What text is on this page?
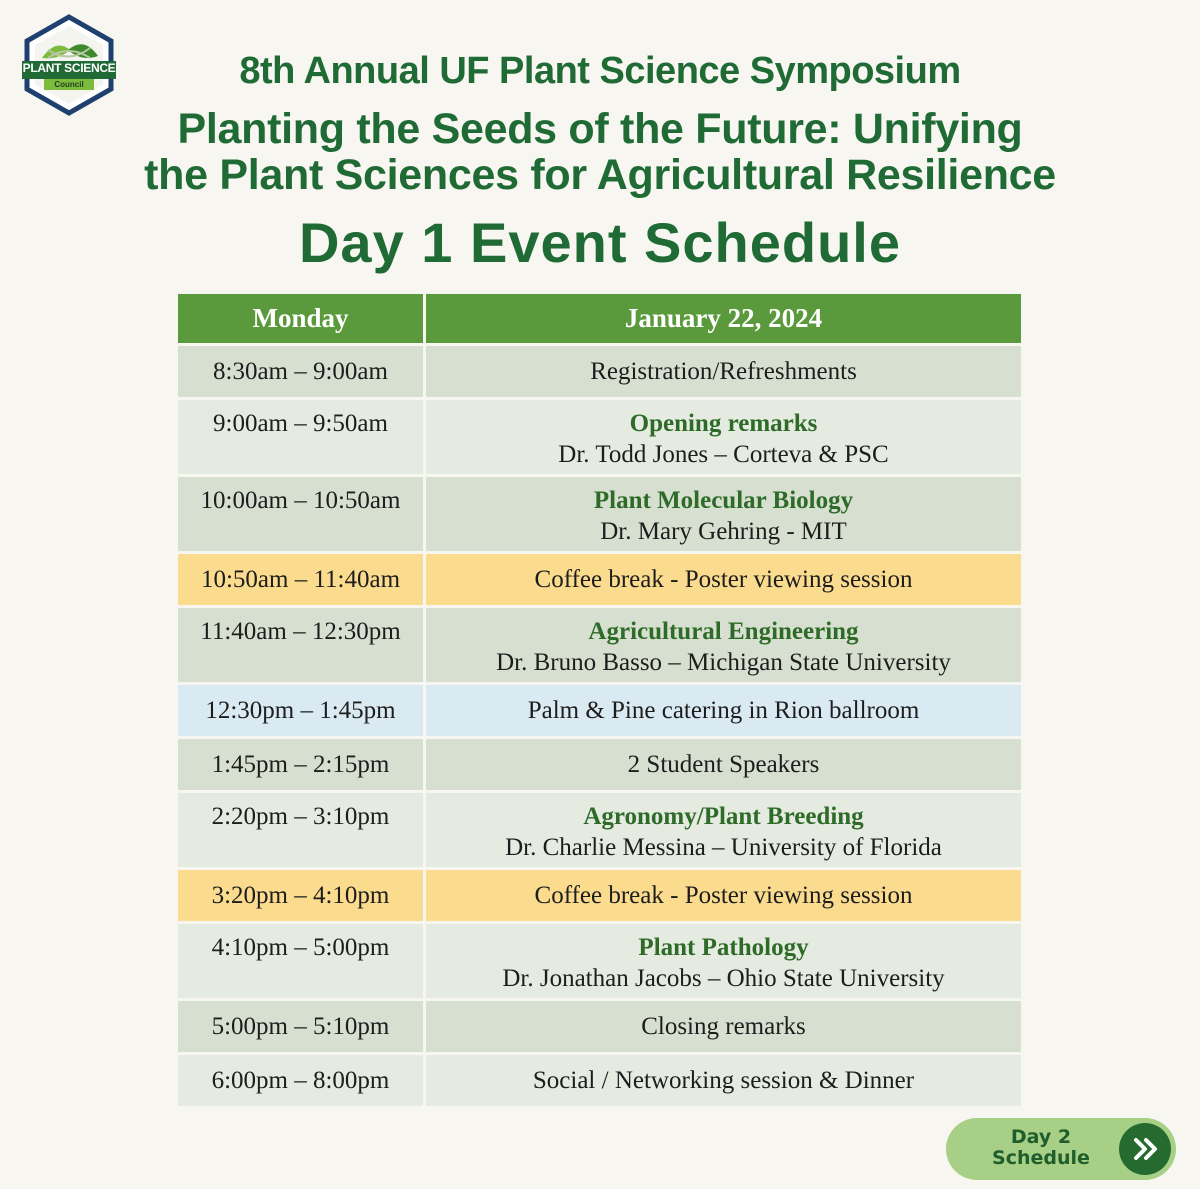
PLANT SCIENCE
Council	8th Annual UF Plant Science Symposium
Planting the Seeds of the Future: Unifying
the Plant Sciences for Agricultural Resilience
Day 1 Event Schedule
Monday	January 22, 2024
8:30am – 9:00am	Registration/Refreshments
9:00am – 9:50am	Opening remarks
Dr. Todd Jones – Corteva & PSC
10:00am – 10:50am	Plant Molecular Biology
Dr. Mary Gehring - MIT
10:50am – 11:40am	Coffee break - Poster viewing session
11:40am – 12:30pm	Agricultural Engineering
Dr. Bruno Basso – Michigan State University
12:30pm – 1:45pm	Palm & Pine catering in Rion ballroom
1:45pm – 2:15pm	2 Student Speakers
2:20pm – 3:10pm	Agronomy/Plant Breeding
Dr. Charlie Messina – University of Florida
3:20pm – 4:10pm	Coffee break - Poster viewing session
4:10pm – 5:00pm	Plant Pathology
Dr. Jonathan Jacobs – Ohio State University
5:00pm – 5:10pm	Closing remarks
6:00pm – 8:00pm	Social / Networking session & Dinner
Day 2
Schedule
